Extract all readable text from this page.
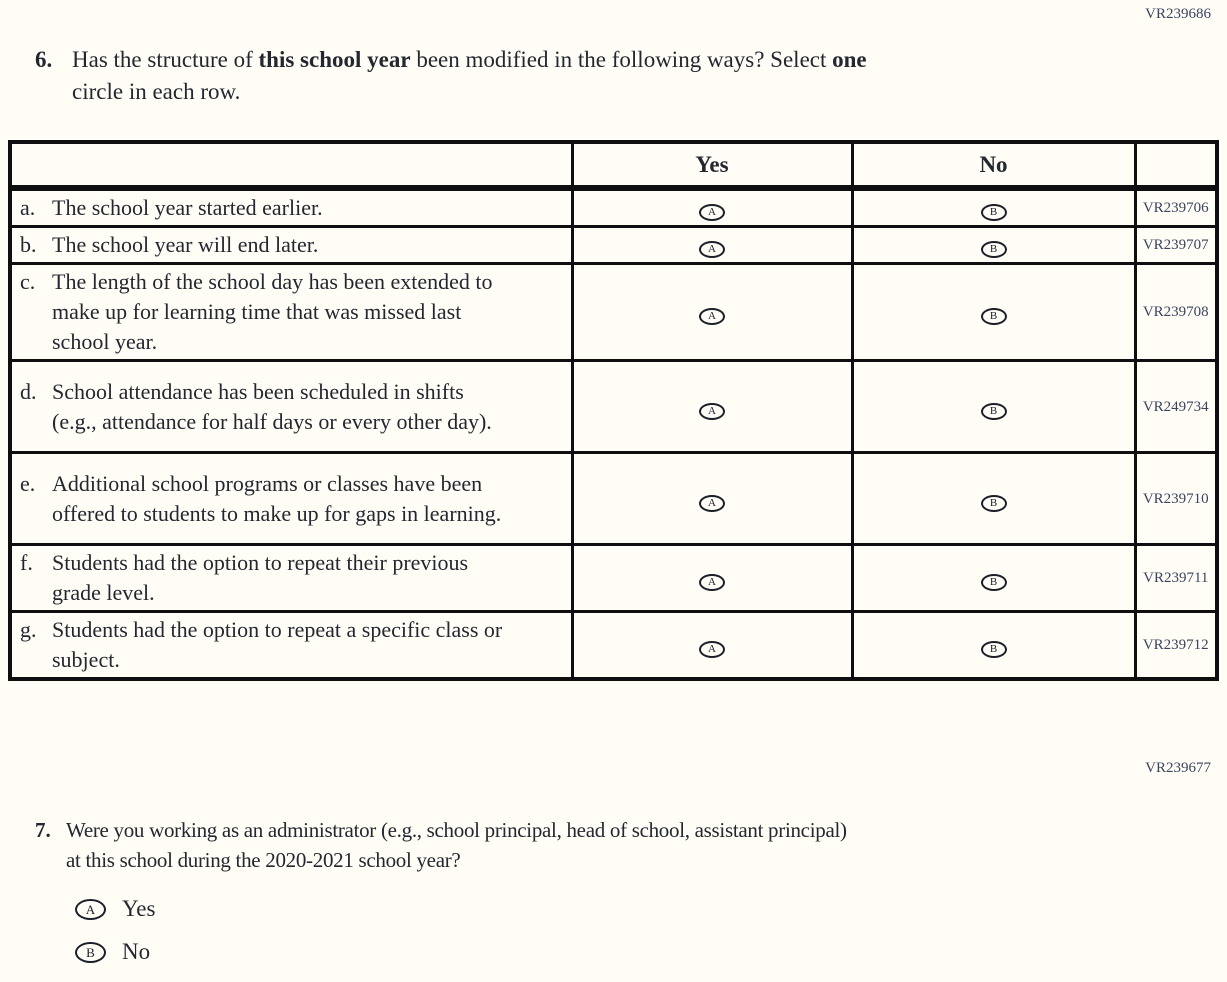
VR239686
6. Has the structure of this school year been modified in the following ways? Select one
circle in each row.
	Yes	No	

a. The school year started earlier.	A	B	VR239706

b. The school year will end later.	A	B	VR239707

c. The length of the school day has been extended to make up for learning time that was missed last school year.	A	B	VR239708

d. School attendance has been scheduled in shifts (e.g., attendance for half days or every other day).	A	B	VR249734

e. Additional school programs or classes have been offered to students to make up for gaps in learning.	A	B	VR239710

f. Students had the option to repeat their previous grade level.	A	B	VR239711

g. Students had the option to repeat a specific class or subject.	A	B	VR239712
VR239677
7. Were you working as an administrator (e.g., school principal, head of school, assistant principal)
at this school during the 2020-2021 school year?
A	Yes
B	No
